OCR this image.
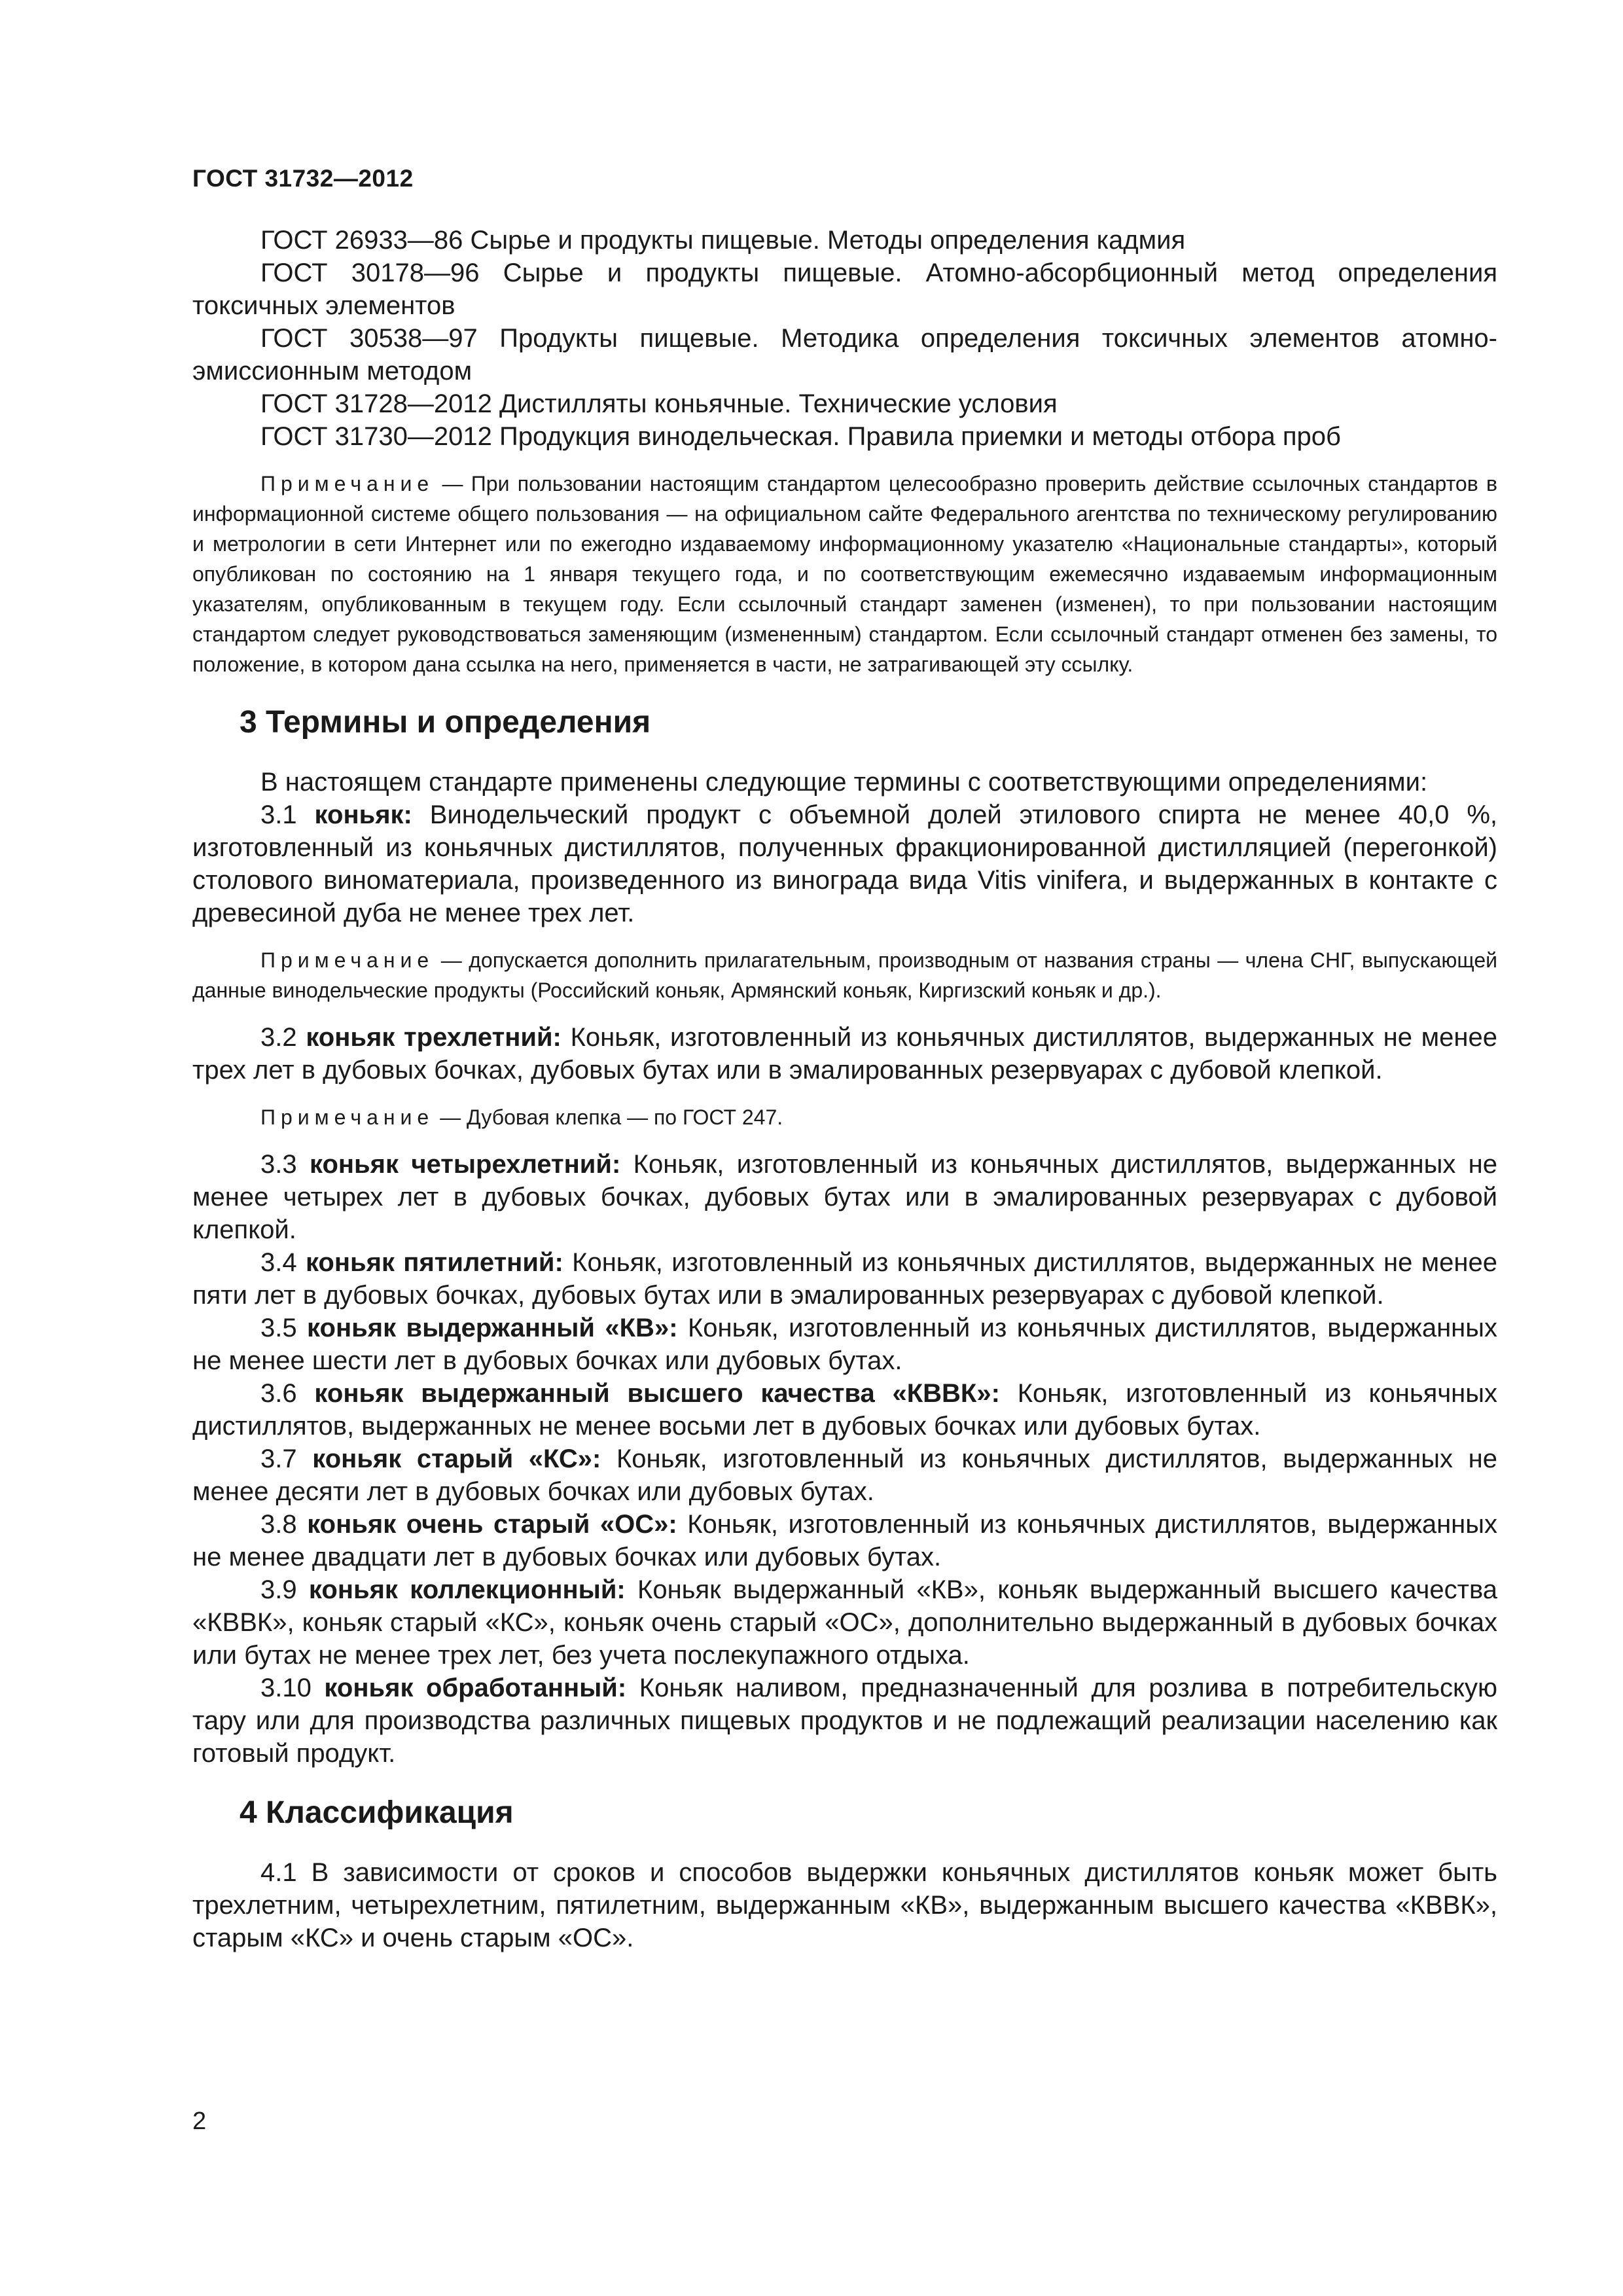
ГОСТ 31732—2012

ГОСТ 26933—86 Сырье и продукты пищевые. Методы определения кадмия

ГОСТ 30178—96 Сырье и продукты пищевые. Атомно-абсорбционный метод определения токсичных элементов

ГОСТ 30538—97 Продукты пищевые. Методика определения токсичных элементов атомно-эмиссионным методом

ГОСТ 31728—2012 Дистилляты коньячные. Технические условия

ГОСТ 31730—2012 Продукция винодельческая. Правила приемки и методы отбора проб

Примечание — При пользовании настоящим стандартом целесообразно проверить действие ссылочных стандартов в информационной системе общего пользования — на официальном сайте Федерального агентства по техническому регулированию и метрологии в сети Интернет или по ежегодно издаваемому информационному указателю «Национальные стандарты», который опубликован по состоянию на 1 января текущего года, и по соответствующим ежемесячно издаваемым информационным указателям, опубликованным в текущем году. Если ссылочный стандарт заменен (изменен), то при пользовании настоящим стандартом следует руководствоваться заменяющим (измененным) стандартом. Если ссылочный стандарт отменен без замены, то положение, в котором дана ссылка на него, применяется в части, не затрагивающей эту ссылку.

3 Термины и определения

В настоящем стандарте применены следующие термины с соответствующими определениями:

3.1 коньяк: Винодельческий продукт с объемной долей этилового спирта не менее 40,0 %, изготовленный из коньячных дистиллятов, полученных фракционированной дистилляцией (перегонкой) столового виноматериала, произведенного из винограда вида Vitis vinifera, и выдержанных в контакте с древесиной дуба не менее трех лет.

Примечание — допускается дополнить прилагательным, производным от названия страны — члена СНГ, выпускающей данные винодельческие продукты (Российский коньяк, Армянский коньяк, Киргизский коньяк и др.).

3.2 коньяк трехлетний: Коньяк, изготовленный из коньячных дистиллятов, выдержанных не менее трех лет в дубовых бочках, дубовых бутах или в эмалированных резервуарах с дубовой клепкой.

Примечание — Дубовая клепка — по ГОСТ 247.

3.3 коньяк четырехлетний: Коньяк, изготовленный из коньячных дистиллятов, выдержанных не менее четырех лет в дубовых бочках, дубовых бутах или в эмалированных резервуарах с дубовой клепкой.

3.4 коньяк пятилетний: Коньяк, изготовленный из коньячных дистиллятов, выдержанных не менее пяти лет в дубовых бочках, дубовых бутах или в эмалированных резервуарах с дубовой клепкой.

3.5 коньяк выдержанный «КВ»: Коньяк, изготовленный из коньячных дистиллятов, выдержанных не менее шести лет в дубовых бочках или дубовых бутах.

3.6 коньяк выдержанный высшего качества «КВВК»: Коньяк, изготовленный из коньячных дистиллятов, выдержанных не менее восьми лет в дубовых бочках или дубовых бутах.

3.7 коньяк старый «КС»: Коньяк, изготовленный из коньячных дистиллятов, выдержанных не менее десяти лет в дубовых бочках или дубовых бутах.

3.8 коньяк очень старый «ОС»: Коньяк, изготовленный из коньячных дистиллятов, выдержанных не менее двадцати лет в дубовых бочках или дубовых бутах.

3.9 коньяк коллекционный: Коньяк выдержанный «КВ», коньяк выдержанный высшего качества «КВВК», коньяк старый «КС», коньяк очень старый «ОС», дополнительно выдержанный в дубовых бочках или бутах не менее трех лет, без учета послекупажного отдыха.

3.10 коньяк обработанный: Коньяк наливом, предназначенный для розлива в потребительскую тару или для производства различных пищевых продуктов и не подлежащий реализации населению как готовый продукт.

4 Классификация

4.1 В зависимости от сроков и способов выдержки коньячных дистиллятов коньяк может быть трехлетним, четырехлетним, пятилетним, выдержанным «КВ», выдержанным высшего качества «КВВК», старым «КС» и очень старым «ОС».

2
